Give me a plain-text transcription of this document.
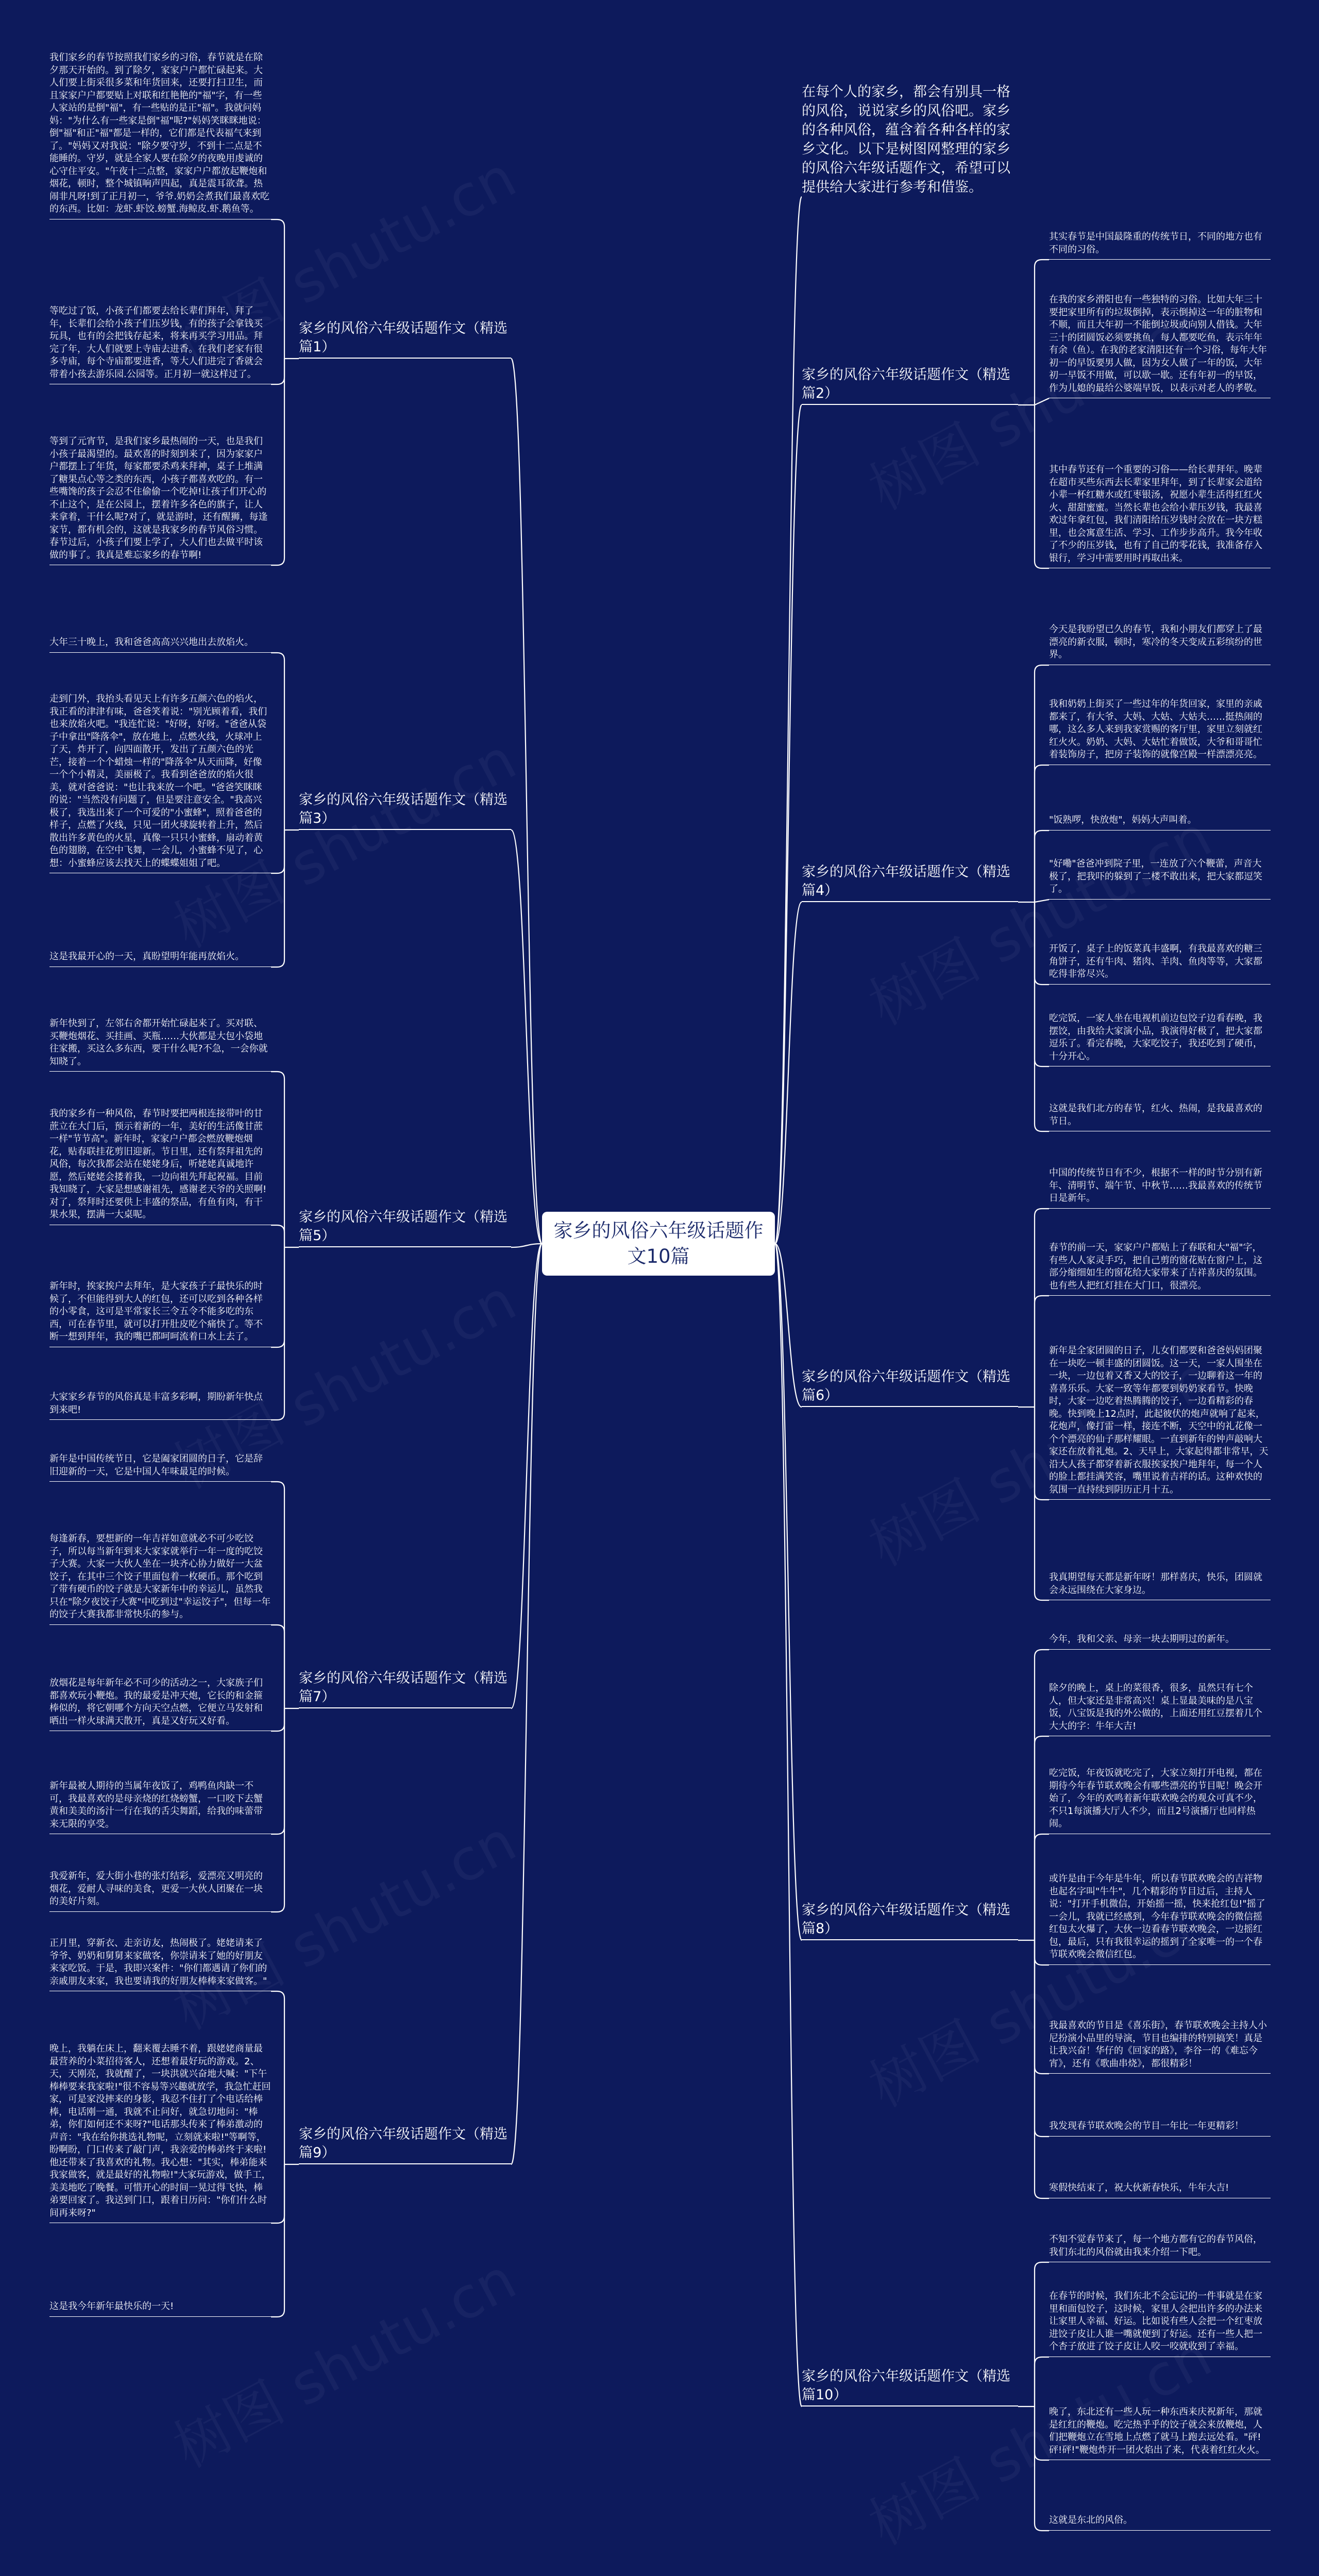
家乡的风俗六年级话题作文10篇
在每个人的家乡，都会有别具一格的风俗，说说家乡的风俗吧。家乡的各种风俗，蕴含着各种各样的家乡文化。以下是树图网整理的家乡的风俗六年级话题作文，希望可以提供给大家进行参考和借鉴。
家乡的风俗六年级话题作文（精选篇1）
我们家乡的春节按照我们家乡的习俗，春节就是在除夕那天开始的。到了除夕，家家户户都忙碌起来。大人们要上街采很多菜和年货回来，还要打扫卫生，而且家家户户都要贴上对联和红艳艳的"福"字，有一些人家站的是倒"福"，有一些贴的是正"福"。我就问妈妈："为什么有一些家是倒"福"呢?"妈妈笑眯眯地说：倒"福"和正"福"都是一样的，它们都是代表福气来到了。"妈妈又对我说："除夕要守岁，不到十二点是不能睡的。守岁，就是全家人要在除夕的夜晚用虔诚的心守住平安。"午夜十二点整，家家户户都放起鞭炮和烟花，顿时，整个城镇响声四起，真是震耳欲聋。热闹非凡呀!到了正月初一，爷爷.奶奶会煮我们最喜欢吃的东西。比如：龙虾.虾饺.螃蟹.海鲸皮.虾.鹅鱼等。
等吃过了饭，小孩子们都要去给长辈们拜年，拜了年，长辈们会给小孩子们压岁钱，有的孩子会拿钱买玩具，也有的会把钱存起来，将来再买学习用品。拜完了年，大人们就要上寺庙去进香。在我们老家有很多寺庙，每个寺庙都要进香，等大人们进完了香就会带着小孩去游乐园.公园等。正月初一就这样过了。
等到了元宵节，是我们家乡最热闹的一天，也是我们小孩子最渴望的。最欢喜的时刻到来了，因为家家户户都摆上了年货，每家都要杀鸡来拜神，桌子上堆满了糖果点心等之类的东西，小孩子都喜欢吃的。有一些嘴馋的孩子会忍不住偷偷一个吃掉!让孩子们开心的不止这个，是在公园上，摆着许多各色的旗子，让人来拿着，干什么呢?对了，就是游时，还有醒狮，每逢家节，都有机会的，这就是我家乡的春节风俗习惯。春节过后，小孩子们要上学了，大人们也去做平时该做的事了。我真是难忘家乡的春节啊!
家乡的风俗六年级话题作文（精选篇3）
大年三十晚上，我和爸爸高高兴兴地出去放焰火。
走到门外，我抬头看见天上有许多五颜六色的焰火，我正看的津津有味，爸爸笑着说："别光顾着看，我们也来放焰火吧。"我连忙说："好呀，好呀。"爸爸从袋子中拿出"降落伞"，放在地上，点燃火线，火球冲上了天，炸开了，向四面散开，发出了五颜六色的光芒，接着一个个蜡烛一样的"降落伞"从天而降，好像一个个小精灵，美丽极了。我看到爸爸放的焰火很美，就对爸爸说："也让我来放一个吧。"爸爸笑眯眯的说："当然没有问题了，但是要注意安全。"我高兴极了，我选出来了一个可爱的"小蜜蜂"，照着爸爸的样子，点燃了火线，只见一团火球旋转着上升，然后散出许多黄色的火星，真像一只只小蜜蜂，扇动着黄色的翅膀，在空中飞舞，一会儿，小蜜蜂不见了，心想：小蜜蜂应该去找天上的蝶蝶姐姐了吧。
这是我最开心的一天，真盼望明年能再放焰火。
家乡的风俗六年级话题作文（精选篇5）
新年快到了，左邻右舍都开始忙碌起来了。买对联、买鞭炮烟花、买挂画、买瓶……大伙都是大包小袋地往家搬，买这么多东西，要干什么呢?不急，一会你就知晓了。
我的家乡有一种风俗，春节时要把两根连接带叶的甘蔗立在大门后，预示着新的一年，美好的生活像甘蔗一样"节节高"。新年时，家家户户都会燃放鞭炮烟花，贴春联挂花剪旧迎新。节日里，还有祭拜祖先的风俗，每次我都会站在姥姥身后，听姥姥真诚地许愿，然后姥姥会搂着我，一边向祖先拜起祝福。目前我知晓了，大家是想感谢祖先，感谢老天爷的关照啊!对了，祭拜时还要供上丰盛的祭品，有鱼有肉，有干果水果，摆满一大桌呢。
新年时，挨家挨户去拜年，是大家孩子子最快乐的时候了，不但能得到大人的红包，还可以吃到各种各样的小零食，这可是平常家长三令五令不能多吃的东西，可在春节里，就可以打开肚皮吃个痛快了。等不断一想到拜年，我的嘴巴都呵呵流着口水上去了。
大家家乡春节的风俗真是丰富多彩啊，期盼新年快点到来吧!
家乡的风俗六年级话题作文（精选篇7）
新年是中国传统节日，它是阖家团圆的日子，它是辞旧迎新的一天，它是中国人年味最足的时候。
每逢新春，要想新的一年吉祥如意就必不可少吃饺子，所以每当新年到来大家家就举行一年一度的吃饺子大赛。大家一大伙人坐在一块齐心协力做好一大盆饺子，在其中三个饺子里面包着一枚硬币。那个吃到了带有硬币的饺子就是大家新年中的幸运儿，虽然我只在"除夕夜饺子大赛"中吃到过"幸运饺子"，但每一年的饺子大赛我都非常快乐的参与。
放烟花是每年新年必不可少的活动之一，大家族子们都喜欢玩小鞭炮。我的最爱是冲天炮，它长的和金箍棒似的，将它朝哪个方向天空点燃，它便立马发射和晒出一样火球满天散开，真是又好玩又好看。
新年最被人期待的当属年夜饭了，鸡鸭鱼肉缺一不可，我最喜欢的是母亲烧的红烧螃蟹，一口咬下去蟹黄和美美的汤汁一行在我的舌尖舞蹈，给我的味蕾带来无限的享受。
我爱新年，爱大街小巷的张灯结彩，爱漂亮又明亮的烟花，爱耐人寻味的美食，更爱一大伙人团聚在一块的美好片刻。
家乡的风俗六年级话题作文（精选篇9）
正月里，穿新衣、走亲访友，热闹极了。姥姥请来了爷爷、奶奶和舅舅来家做客，你崇请来了她的好朋友来家吃饭。于是，我即兴案件："你们都遇请了你们的亲戚朋友来家，我也要请我的好朋友棒棒来家做客。"
晚上，我躺在床上，翻来覆去睡不着，跟姥姥商量最最营养的小菜招待客人，还想着最好玩的游戏。2、天，天刚亮，我就醒了，一块洪就兴奋地大喊："下午棒棒要来我家啦!"很不容易等兴趣就放学，我急忙赶回家，可是家没摔来的身影，我忍不住打了个电话给棒棒，电话刚一通，我就不止问好，就急切地问："棒弟，你们如何还不来呀?"电话那头传来了棒弟激动的声音："我在给你挑选礼物呢，立刻就来啦!"等啊等，盼啊盼，门口传来了敲门声，我亲爱的棒弟终于来啦!他还带来了我喜欢的礼物。我心想："其实，棒弟能来我家做客，就是最好的礼物啦!"大家玩游戏，做手工，美美地吃了晚餐。可惜开心的时间一晃过得飞快，棒弟要回家了。我送到门口，跟着日历问："你们什么时间再来呀?"
这是我今年新年最快乐的一天!
家乡的风俗六年级话题作文（精选篇2）
其实春节是中国最隆重的传统节日，不同的地方也有不同的习俗。
在我的家乡滑阳也有一些独特的习俗。比如大年三十要把家里所有的垃圾倒掉，表示倒掉这一年的脏物和不顺，而且大年初一不能倒垃圾或向别人借钱。大年三十的团圆饭必须要挑鱼，每人都要吃鱼，表示年年有余（鱼）。在我的老家清阳还有一个习俗，每年大年初一的早饭要男人做，因为女人做了一年的饭，大年初一早饭不用做，可以歇一歇。还有年初一的早饭，作为儿媳的最给公婆端早饭，以表示对老人的孝敬。
其中春节还有一个重要的习俗——给长辈拜年。晚辈在超市买些东西去长辈家里拜年，到了长辈家会道给小辈一杯红糖水或红枣银汤，祝愿小辈生活得红红火火、甜甜蜜蜜。当然长辈也会给小辈压岁钱，我最喜欢过年拿红包，我们清阳给压岁钱时会放在一块方糕里，也会寓意生活、学习、工作步步高升。我今年收了不少的压岁钱，也有了自己的零花钱，我准备存入银行，学习中需要用时再取出来。
家乡的风俗六年级话题作文（精选篇4）
今天是我盼望已久的春节，我和小朋友们都穿上了最漂亮的新衣服，顿时，寒冷的冬天变成五彩缤纷的世界。
我和奶奶上街买了一些过年的年货回家，家里的亲戚都来了，有大爷、大妈、大姑、大姑夫……挺热闹的哪，这么多人来到我家赏赐的客厅里，家里立刻就红红火火。奶奶、大妈、大姑忙着做饭，大爷和哥哥忙着装饰房子，把房子装饰的就像宫殿一样漂漂亮亮。
"饭熟啰，快放炮"，妈妈大声叫着。
"好嘞"爸爸冲到院子里，一连放了六个鞭蕾，声音大极了，把我吓的躲到了二楼不敢出来，把大家都逗笑了。
开饭了，桌子上的饭菜真丰盛啊，有我最喜欢的糖三角饼子，还有牛肉、猪肉、羊肉、鱼肉等等，大家都吃得非常尽兴。
吃完饭，一家人坐在电视机前边包饺子边看春晚，我摆饺，由我给大家演小品，我演得好极了，把大家都逗乐了。看完春晚，大家吃饺子，我还吃到了硬币，十分开心。
这就是我们北方的春节，红火、热闹，是我最喜欢的节日。
家乡的风俗六年级话题作文（精选篇6）
中国的传统节日有不少，根据不一样的时节分别有新年、清明节、端午节、中秋节……我最喜欢的传统节日是新年。
春节的前一天，家家户户都贴上了春联和大"福"字，有些人人家灵手巧，把自己剪的窗花贴在窗户上，这部分缩细如生的窗花给大家带来了吉祥喜庆的氛围。也有些人把红灯挂在大门口，很漂亮。
新年是全家团圆的日子，儿女们都要和爸爸妈妈团聚在一块吃一顿丰盛的团圆饭。这一天，一家人围坐在一块，一边包着又香又大的饺子，一边聊着这一年的喜喜乐乐。大家一致等年都要到奶奶家看节。快晚时，大家一边吃着热腾腾的饺子，一边看精彩的春晚。快到晚上12点时，此起彼伏的炮声就响了起来，花炮声，像打雷一样，接连不断，天空中的礼花像一个个漂亮的仙子那样耀眼。一直到新年的钟声敲响大家还在放着礼炮。2、天早上，大家起得都非常早，天沿大人孩子都穿着新衣服挨家挨户地拜年，每一个人的脸上都挂满笑容，嘴里说着吉祥的话。这种欢快的氛围一直持续到阴历正月十五。
我真期望每天都是新年呀！那样喜庆，快乐，团圆就会永远围绕在大家身边。
家乡的风俗六年级话题作文（精选篇8）
今年，我和父亲、母亲一块去期明过的新年。
除夕的晚上，桌上的菜很香，很多，虽然只有七个人，但大家还是非常高兴！桌上显最美味的是八宝饭，八宝饭是我的外公做的，上面还用红豆摆着几个大大的字：牛年大吉!
吃完饭，年夜饭就吃完了，大家立刻打开电视，都在期待今年春节联欢晚会有哪些漂亮的节目呢！晚会开始了，今年的欢鸣着新年联欢晚会的观众可真不少，不只1每演播大厅人不少，而且2号演播厅也同样热闹。
或许是由于今年是牛年，所以春节联欢晚会的吉祥物也起名字叫"牛牛"，几个精彩的节目过后，主持人说："打开手机微信，开始摇一摇，快来抢红包!"摇了一会儿，我就已经感到，今年春节联欢晚会的微信摇红包太火爆了，大伙一边看春节联欢晚会，一边摇红包，最后，只有我很幸运的摇到了全家唯一的一个春节联欢晚会微信红包。
我最喜欢的节目是《喜乐街》，春节联欢晚会主持人小尼扮演小品里的导演，节目也编排的特别搞笑！真是让我兴奋！华仔的《回家的路》，李谷一的《难忘今宵》，还有《歌曲串烧》，都很精彩！
我发现春节联欢晚会的节目一年比一年更精彩！
寒假快结束了，祝大伙新春快乐，牛年大吉!
家乡的风俗六年级话题作文（精选篇10）
不知不觉春节来了，每一个地方都有它的春节风俗，我们东北的风俗就由我来介绍一下吧。
在春节的时候，我们东北不会忘记的一件事就是在家里和面包饺子，这时候，家里人会把出许多的办法来让家里人幸福、好运。比如说有些人会把一个红枣放进饺子皮让人谁一嘴就便到了好运。还有一些人把一个杏子放进了饺子皮让人咬一咬就收到了幸福。
晚了，东北还有一些人玩一种东西来庆祝新年，那就是红红的鞭炮。吃完热乎乎的饺子就会来放鞭炮，人们把鞭炮立在雪地上点燃了就马上跑去远处看。"砰!砰!砰!"鞭炮炸开一团火焰出了来，代表着红红火火。
这就是东北的风俗。
